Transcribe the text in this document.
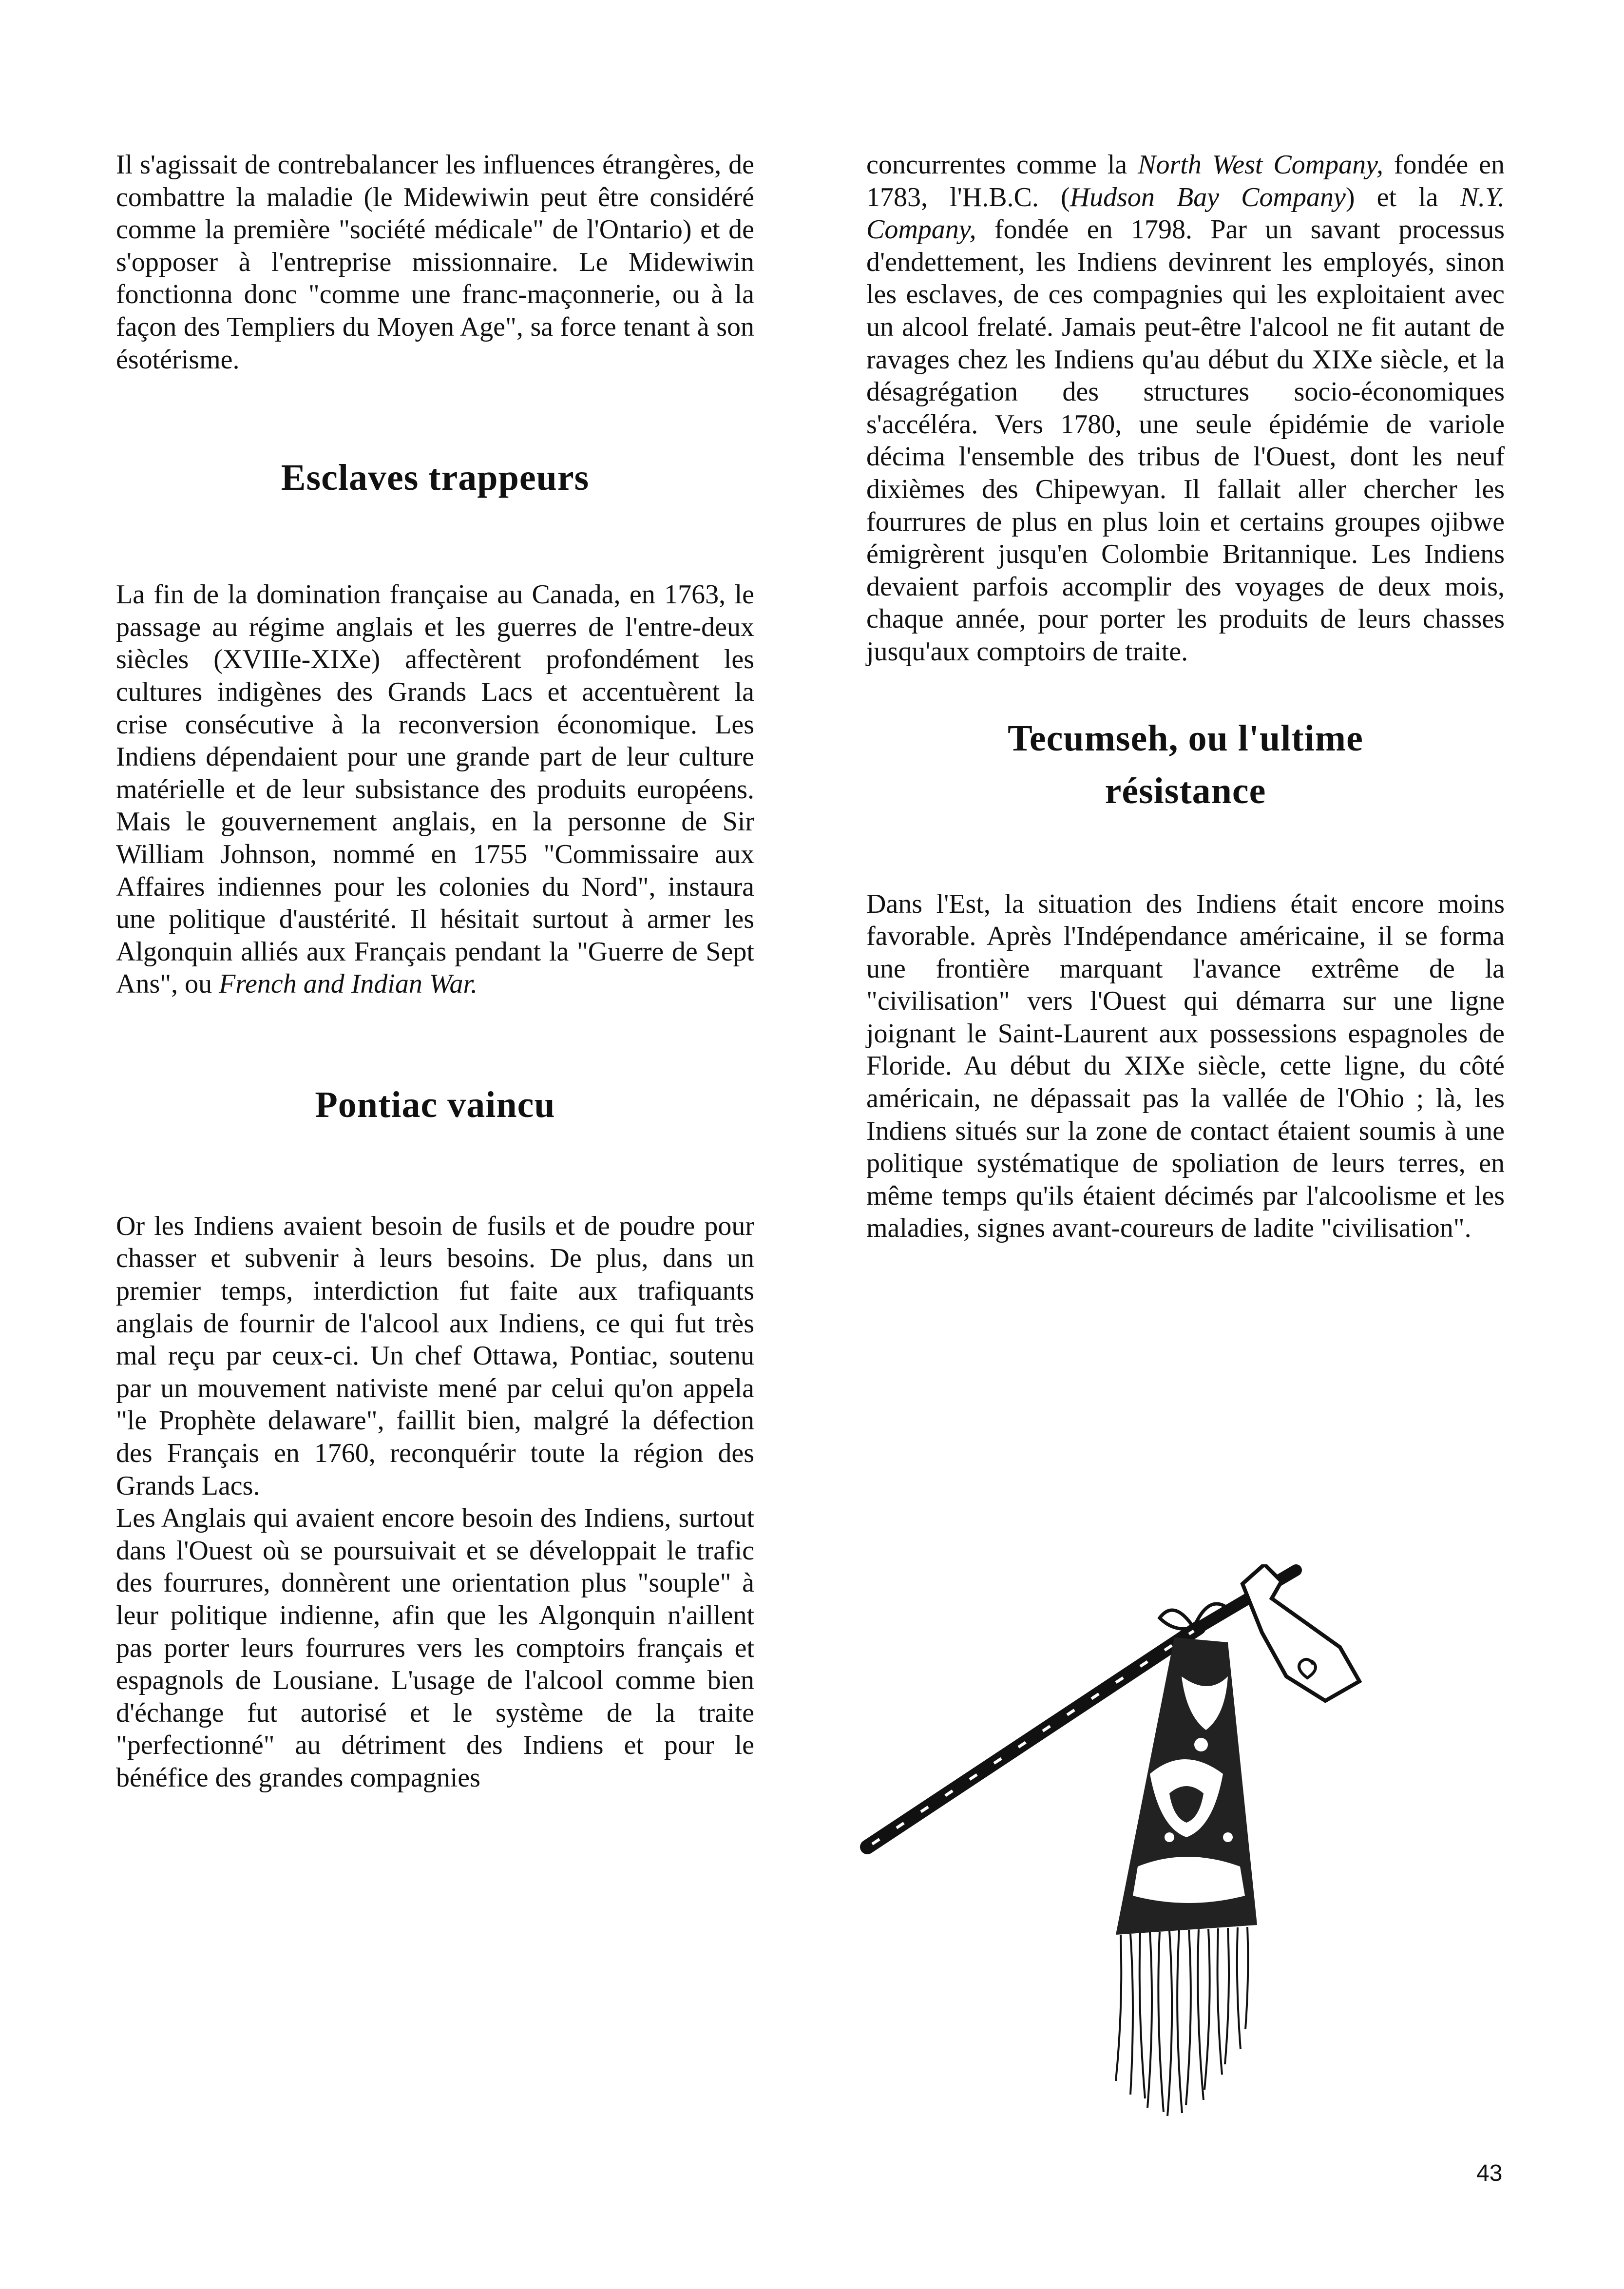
Il s'agissait de contrebalancer les influences étrangères, de combattre la maladie (le Midewiwin peut être considéré comme la première "société médicale" de l'Ontario) et de s'opposer à l'entreprise missionnaire. Le Midewiwin fonctionna donc "comme une franc-maçonnerie, ou à la façon des Templiers du Moyen Age", sa force tenant à son ésotérisme.

Esclaves trappeurs

La fin de la domination française au Canada, en 1763, le passage au régime anglais et les guerres de l'entre-deux siècles (XVIIIe-XIXe) affectèrent profondément les cultures indigènes des Grands Lacs et accentuèrent la crise consécutive à la reconversion économique. Les Indiens dépendaient pour une grande part de leur culture matérielle et de leur subsistance des produits européens. Mais le gouvernement anglais, en la personne de Sir William Johnson, nommé en 1755 "Commissaire aux Affaires indiennes pour les colonies du Nord", instaura une politique d'austérité. Il hésitait surtout à armer les Algonquin alliés aux Français pendant la "Guerre de Sept Ans", ou French and Indian War.

Pontiac vaincu

Or les Indiens avaient besoin de fusils et de poudre pour chasser et subvenir à leurs besoins. De plus, dans un premier temps, interdiction fut faite aux trafiquants anglais de fournir de l'alcool aux Indiens, ce qui fut très mal reçu par ceux-ci. Un chef Ottawa, Pontiac, soutenu par un mouvement nativiste mené par celui qu'on appela "le Prophète delaware", faillit bien, malgré la défection des Français en 1760, reconquérir toute la région des Grands Lacs.

Les Anglais qui avaient encore besoin des Indiens, surtout dans l'Ouest où se poursuivait et se développait le trafic des fourrures, donnèrent une orientation plus "souple" à leur politique indienne, afin que les Algonquin n'aillent pas porter leurs fourrures vers les comptoirs français et espagnols de Lousiane. L'usage de l'alcool comme bien d'échange fut autorisé et le système de la traite "perfectionné" au détriment des Indiens et pour le bénéfice des grandes compagnies

concurrentes comme la North West Company, fondée en 1783, l'H.B.C. (Hudson Bay Company) et la N.Y. Company, fondée en 1798. Par un savant processus d'endettement, les Indiens devinrent les employés, sinon les esclaves, de ces compagnies qui les exploitaient avec un alcool frelaté. Jamais peut-être l'alcool ne fit autant de ravages chez les Indiens qu'au début du XIXe siècle, et la désagrégation des structures socio-économiques s'accéléra. Vers 1780, une seule épidémie de variole décima l'ensemble des tribus de l'Ouest, dont les neuf dixièmes des Chipewyan. Il fallait aller chercher les fourrures de plus en plus loin et certains groupes ojibwe émigrèrent jusqu'en Colombie Britannique. Les Indiens devaient parfois accomplir des voyages de deux mois, chaque année, pour porter les produits de leurs chasses jusqu'aux comptoirs de traite.

Tecumseh, ou l'ultime
résistance

Dans l'Est, la situation des Indiens était encore moins favorable. Après l'Indépendance américaine, il se forma une frontière marquant l'avance extrême de la "civilisation" vers l'Ouest qui démarra sur une ligne joignant le Saint-Laurent aux possessions espagnoles de Floride. Au début du XIXe siècle, cette ligne, du côté américain, ne dépassait pas la vallée de l'Ohio ; là, les Indiens situés sur la zone de contact étaient soumis à une politique systématique de spoliation de leurs terres, en même temps qu'ils étaient décimés par l'alcoolisme et les maladies, signes avant-coureurs de ladite "civilisation".

43
